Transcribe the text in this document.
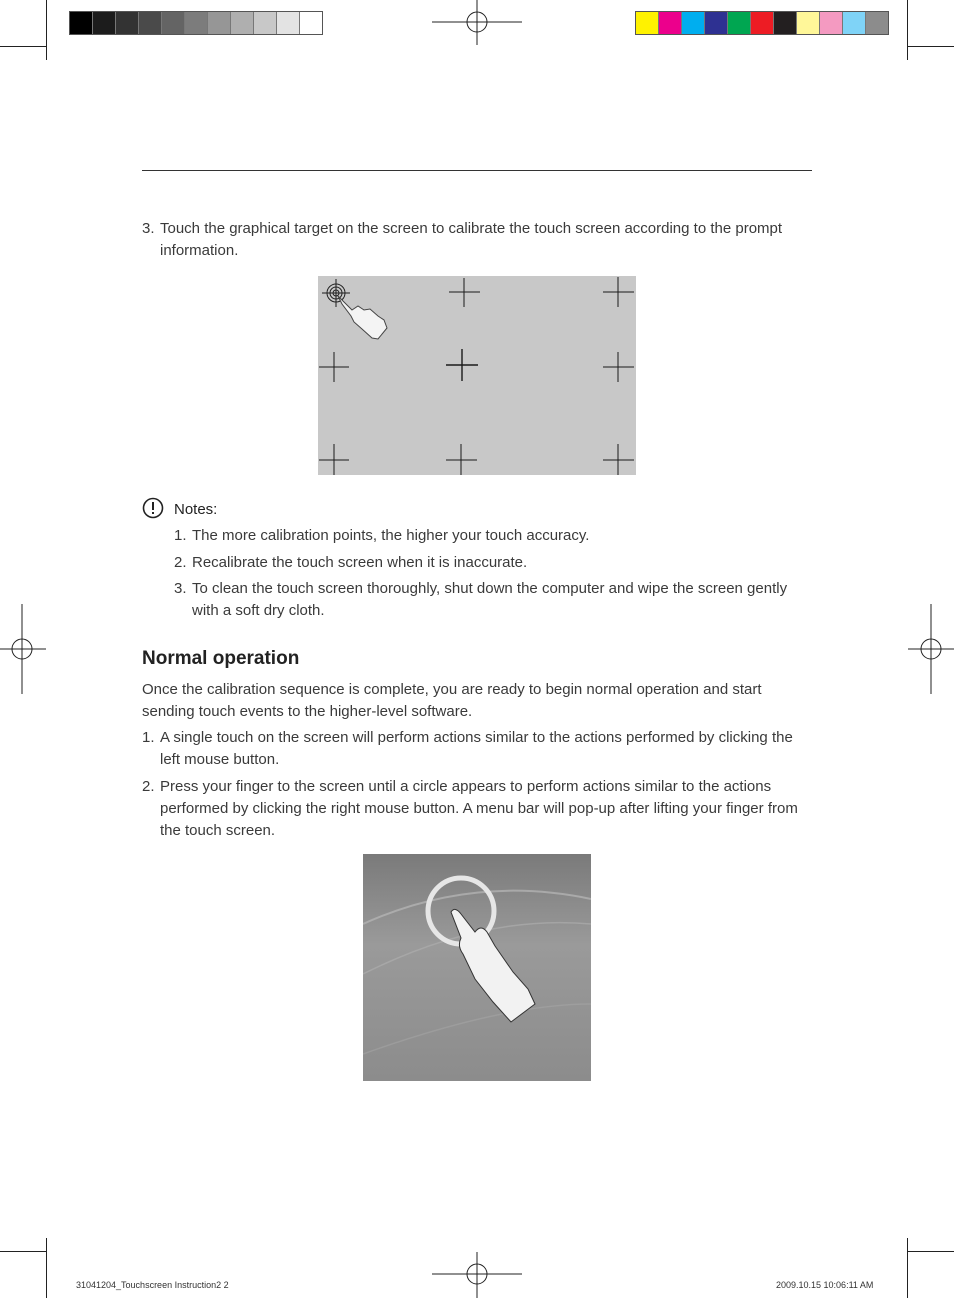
3. Touch the graphical target on the screen to calibrate the touch screen according to the prompt information.
Notes:
1. The more calibration points, the higher your touch accuracy.
2. Recalibrate the touch screen when it is inaccurate.
3. To clean the touch screen thoroughly, shut down the computer and wipe the screen gently with a soft dry cloth.
Normal operation
Once the calibration sequence is complete, you are ready to begin normal operation and start sending touch events to the higher-level software.
1. A single touch on the screen will perform actions similar to the actions performed by clicking the left mouse button.
2. Press your finger to the screen until a circle appears to perform actions similar to the actions performed by clicking the right mouse button. A menu bar will pop-up after lifting your finger from the touch screen.
31041204_Touchscreen Instruction2 2	2009.10.15 10:06:11 AM
